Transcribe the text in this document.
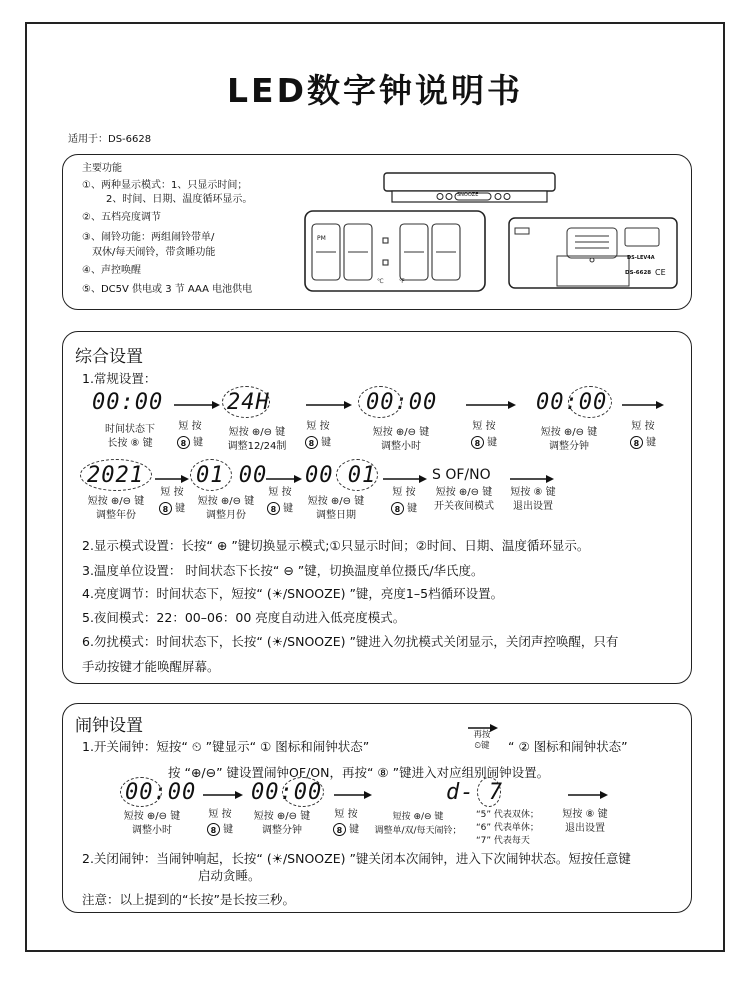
LED数字钟说明书
适用于：DS-6628
主要功能
①、两种显示模式：1、只显示时间；
2、时间、日期、温度循环显示。
②、五档亮度调节
③、闹铃功能：两组闹铃带单/
双休/每天闹铃，带贪睡功能
④、声控唤醒
⑤、DC5V 供电或 3 节 AAA 电池供电
SNOOZE
℃	℉
PM
DS-LEV4A
DS-6628 CE
综合设置
1.常规设置：
00:00	24H	00:00	00:00
时间状态下
长按 ⑧ 键
短按 ⊕/⊖ 键
调整12/24制
短按 ⊕/⊖ 键
调整小时
短按 ⊕/⊖ 键
调整分钟
短 按	短 按	短 按	短 按
8 键	8 键	8 键	8 键
2021 01 00 00 01	S OF/NO
短按 ⊕/⊖ 键
调整年份
短按 ⊕/⊖ 键
调整月份
短按 ⊕/⊖ 键
调整日期
短按 ⊕/⊖ 键
开关夜间模式
短按 ⑧ 键
退出设置
短 按	短 按	短 按
8 键	8 键	8 键
2.显示模式设置：长按“ ⊕ ”键切换显示模式;①只显示时间；②时间、日期、温度循环显示。
3.温度单位设置： 时间状态下长按“ ⊖ ”键，切换温度单位摄氏/华氏度。
4.亮度调节：时间状态下，短按“ (☀/SNOOZE) ”键，亮度1–5档循环设置。
5.夜间模式：22：00–06：00 亮度自动进入低亮度模式。
6.勿扰模式：时间状态下，长按“ (☀/SNOOZE) ”键进入勿扰模式关闭显示，关闭声控唤醒，只有
手动按键才能唤醒屏幕。
闹钟设置
1.开关闹钟：短按“ ⏲ ”键显示“ ① 图标和闹钟状态”
再按
⏲键	“ ② 图标和闹钟状态”
按 “⊕/⊖” 键设置闹钟OF/ON，再按“ ⑧ ”键进入对应组别闹钟设置。
00:00 00:00	d- 7
短按 ⊕/⊖ 键
调整小时
短按 ⊕/⊖ 键
调整分钟
短按 ⊕/⊖ 键
调整单/双/每天闹铃；
“5” 代表双休；
“6” 代表单休；
“7” 代表每天
短按 ⑧ 键
退出设置
短 按	短 按
8 键	8 键
2.关闭闹钟：当闹钟响起，长按“ (☀/SNOOZE) ”键关闭本次闹钟，进入下次闹钟状态。短按任意键
启动贪睡。
注意：以上提到的“长按”是长按三秒。
